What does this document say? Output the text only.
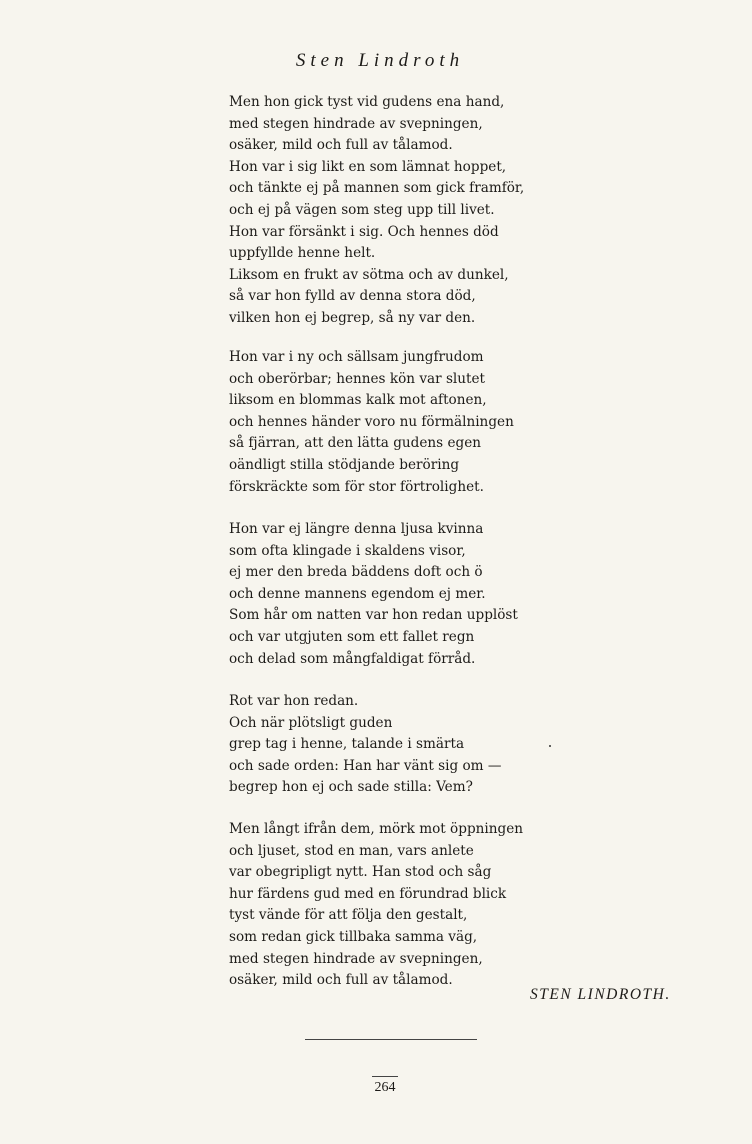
Sten Lindroth
Men hon gick tyst vid gudens ena hand,
med stegen hindrade av svepningen,
osäker, mild och full av tålamod.
Hon var i sig likt en som lämnat hoppet,
och tänkte ej på mannen som gick framför,
och ej på vägen som steg upp till livet.
Hon var försänkt i sig. Och hennes död
uppfyllde henne helt.
Liksom en frukt av sötma och av dunkel,
så var hon fylld av denna stora död,
vilken hon ej begrep, så ny var den.
Hon var i ny och sällsam jungfrudom
och oberörbar; hennes kön var slutet
liksom en blommas kalk mot aftonen,
och hennes händer voro nu förmälningen
så fjärran, att den lätta gudens egen
oändligt stilla stödjande beröring
förskräckte som för stor förtrolighet.
Hon var ej längre denna ljusa kvinna
som ofta klingade i skaldens visor,
ej mer den breda bäddens doft och ö
och denne mannens egendom ej mer.
Som hår om natten var hon redan upplöst
och var utgjuten som ett fallet regn
och delad som mångfaldigat förråd.
Rot var hon redan.
Och när plötsligt guden
grep tag i henne, talande i smärta
och sade orden: Han har vänt sig om —
begrep hon ej och sade stilla: Vem?
Men långt ifrån dem, mörk mot öppningen
och ljuset, stod en man, vars anlete
var obegripligt nytt. Han stod och såg
hur färdens gud med en förundrad blick
tyst vände för att följa den gestalt,
som redan gick tillbaka samma väg,
med stegen hindrade av svepningen,
osäker, mild och full av tålamod.
STEN LINDROTH.
264
